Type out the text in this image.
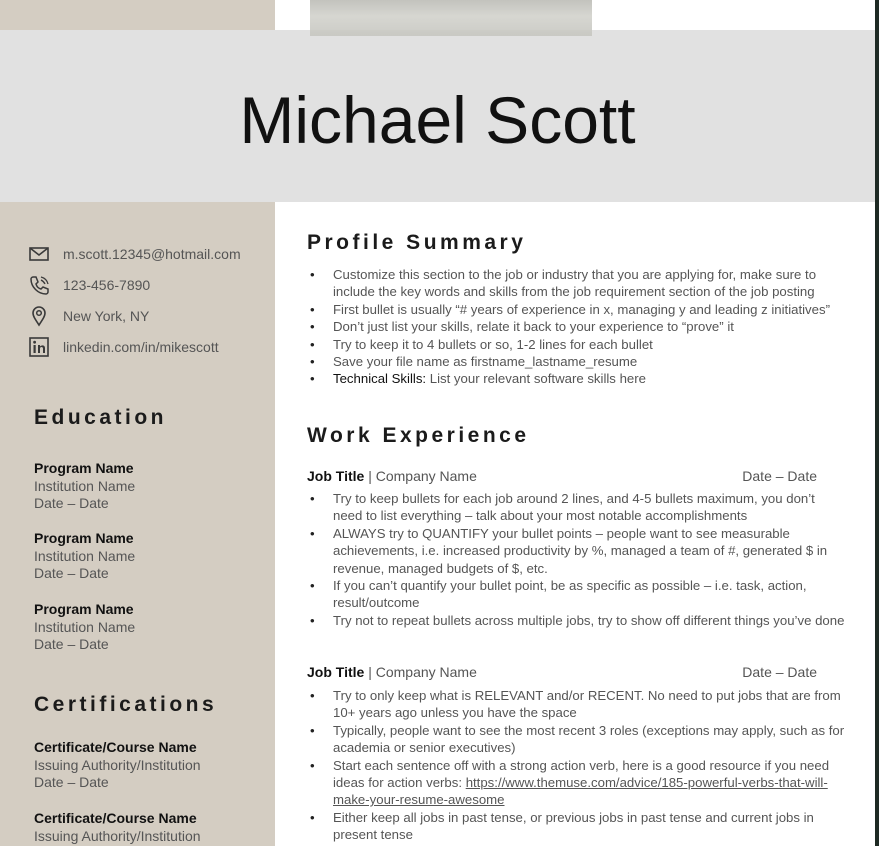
Michael Scott
m.scott.12345@hotmail.com
123-456-7890
New York, NY
linkedin.com/in/mikescott
Education
Program Name
Institution Name
Date – Date
Program Name
Institution Name
Date – Date
Program Name
Institution Name
Date – Date
Certifications
Certificate/Course Name
Issuing Authority/Institution
Date – Date
Certificate/Course Name
Issuing Authority/Institution
Profile Summary
• Customize this section to the job or industry that you are applying for, make sure to include the key words and skills from the job requirement section of the job posting
• First bullet is usually “# years of experience in x, managing y and leading z initiatives”
• Don’t just list your skills, relate it back to your experience to “prove” it
• Try to keep it to 4 bullets or so, 1-2 lines for each bullet
• Save your file name as firstname_lastname_resume
• Technical Skills: List your relevant software skills here
Work Experience
Job Title | Company Name	Date – Date
• Try to keep bullets for each job around 2 lines, and 4-5 bullets maximum, you don’t need to list everything – talk about your most notable accomplishments
• ALWAYS try to QUANTIFY your bullet points – people want to see measurable achievements, i.e. increased productivity by %, managed a team of #, generated $ in revenue, managed budgets of $, etc.
• If you can’t quantify your bullet point, be as specific as possible – i.e. task, action, result/outcome
• Try not to repeat bullets across multiple jobs, try to show off different things you’ve done
Job Title | Company Name	Date – Date
• Try to only keep what is RELEVANT and/or RECENT. No need to put jobs that are from 10+ years ago unless you have the space
• Typically, people want to see the most recent 3 roles (exceptions may apply, such as for academia or senior executives)
• Start each sentence off with a strong action verb, here is a good resource if you need ideas for action verbs: https://www.themuse.com/advice/185-powerful-verbs-that-will-make-your-resume-awesome
• Either keep all jobs in past tense, or previous jobs in past tense and current jobs in present tense
